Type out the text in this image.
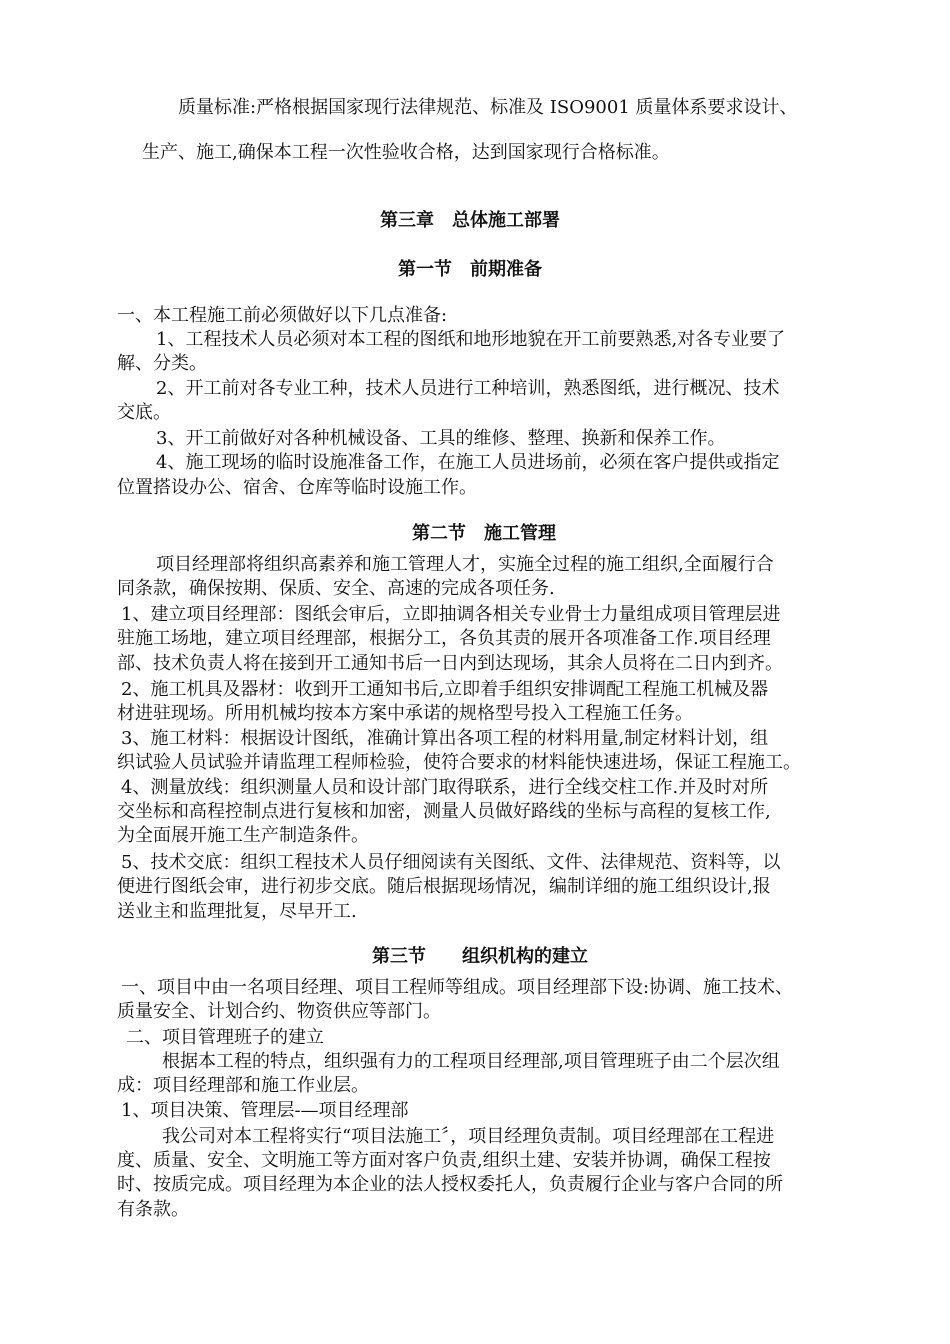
质量标准:严格根据国家现行法律规范、标准及 ISO9001 质量体系要求设计、
生产、施工,确保本工程一次性验收合格，达到国家现行合格标准。
第三章　总体施工部署
第一节　前期准备
一、本工程施工前必须做好以下几点准备:
1、工程技术人员必须对本工程的图纸和地形地貌在开工前要熟悉,对各专业要了
解、分类。
2、开工前对各专业工种，技术人员进行工种培训，熟悉图纸，进行概况、技术
交底。
3、开工前做好对各种机械设备、工具的维修、整理、换新和保养工作。
4、施工现场的临时设施准备工作，在施工人员进场前，必须在客户提供或指定
位置搭设办公、宿舍、仓库等临时设施工作。
第二节　施工管理
项目经理部将组织高素养和施工管理人才，实施全过程的施工组织,全面履行合
同条款，确保按期、保质、安全、高速的完成各项任务.
1、建立项目经理部：图纸会审后，立即抽调各相关专业骨士力量组成项目管理层进
驻施工场地，建立项目经理部，根据分工，各负其责的展开各项准备工作.项目经理
部、技术负责人将在接到开工通知书后一日内到达现场，其余人员将在二日内到齐。
2、施工机具及器材：收到开工通知书后,立即着手组织安排调配工程施工机械及器
材进驻现场。所用机械均按本方案中承诺的规格型号投入工程施工任务。
3、施工材料：根据设计图纸，准确计算出各项工程的材料用量,制定材料计划，组
织试验人员试验并请监理工程师检验，使符合要求的材料能快速进场，保证工程施工。
4、测量放线：组织测量人员和设计部门取得联系，进行全线交柱工作.并及时对所
交坐标和高程控制点进行复核和加密，测量人员做好路线的坐标与高程的复核工作,
为全面展开施工生产制造条件。
5、技术交底：组织工程技术人员仔细阅读有关图纸、文件、法律规范、资料等，以
便进行图纸会审，进行初步交底。随后根据现场情况，编制详细的施工组织设计,报
送业主和监理批复，尽早开工.
第三节　　组织机构的建立
一、项目中由一名项目经理、项目工程师等组成。项目经理部下设:协调、施工技术、
质量安全、计划合约、物资供应等部门。
二、项目管理班子的建立
根据本工程的特点，组织强有力的工程项目经理部,项目管理班子由二个层次组
成：项目经理部和施工作业层。
1、项目决策、管理层-—项目经理部
我公司对本工程将实行“项目法施工〞，项目经理负责制。项目经理部在工程进
度、质量、安全、文明施工等方面对客户负责,组织土建、安装并协调，确保工程按
时、按质完成。项目经理为本企业的法人授权委托人，负责履行企业与客户合同的所
有条款。
